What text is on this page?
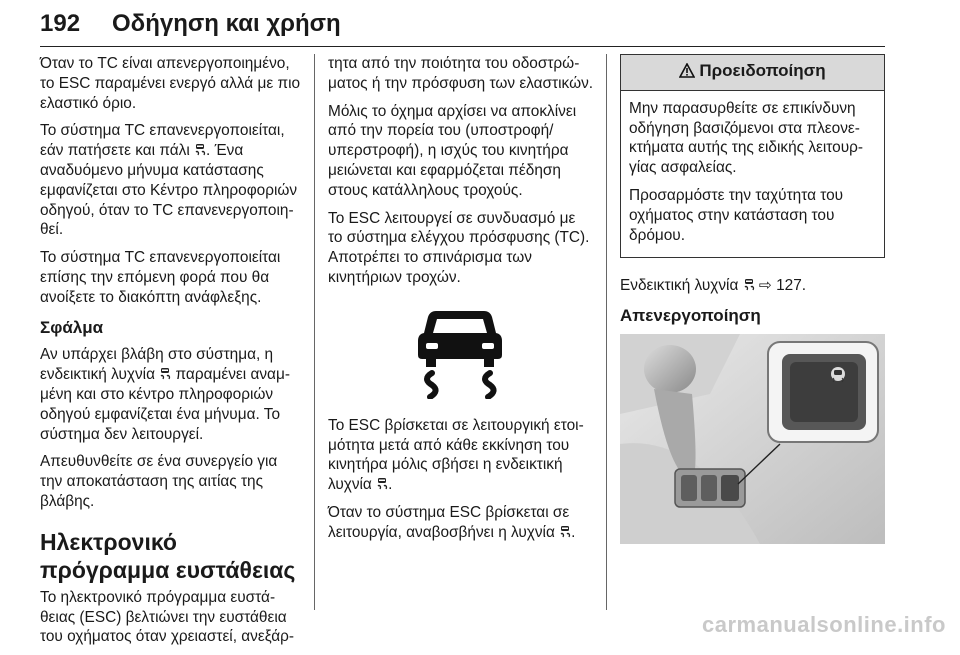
192 Οδήγηση και χρήση

Όταν το TC είναι απενεργοποιημένο, το ESC παραμένει ενεργό αλλά με πιο ελαστικό όριο.

Το σύστημα TC επανενεργοποιείται, εάν πατήσετε και πάλι . Ένα αναδυόμενο μήνυμα κατάστασης εμφανίζεται στο Κέντρο πληροφοριών οδηγού, όταν το TC επανενεργοποιηθεί.

Το σύστημα TC επανενεργοποιείται επίσης την επόμενη φορά που θα ανοίξετε το διακόπτη ανάφλεξης.

Σφάλμα

Αν υπάρχει βλάβη στο σύστημα, η ενδεικτική λυχνία  παραμένει αναμμένη και στο κέντρο πληροφοριών οδηγού εμφανίζεται ένα μήνυμα. Το σύστημα δεν λειτουργεί.

Απευθυνθείτε σε ένα συνεργείο για την αποκατάσταση της αιτίας της βλάβης.

Ηλεκτρονικό πρόγραμμα ευστάθειας

Το ηλεκτρονικό πρόγραμμα ευστάθειας (ESC) βελτιώνει την ευστάθεια του οχήματος όταν χρειαστεί, ανεξάρ-

τητα από την ποιότητα του οδοστρώματος ή την πρόσφυση των ελαστικών.

Μόλις το όχημα αρχίσει να αποκλίνει από την πορεία του (υποστροφή/ υπερστροφή), η ισχύς του κινητήρα μειώνεται και εφαρμόζεται πέδηση στους κατάλληλους τροχούς.

Το ESC λειτουργεί σε συνδυασμό με το σύστημα ελέγχου πρόσφυσης (TC). Αποτρέπει το σπινάρισμα των κινητήριων τροχών.

Το ESC βρίσκεται σε λειτουργική ετοιμότητα μετά από κάθε εκκίνηση του κινητήρα μόλις σβήσει η ενδεικτική λυχνία .

Όταν το σύστημα ESC βρίσκεται σε λειτουργία, αναβοσβήνει η λυχνία .

Προειδοποίηση

Μην παρασυρθείτε σε επικίνδυνη οδήγηση βασιζόμενοι στα πλεονεκτήματα αυτής της ειδικής λειτουργίας ασφαλείας.

Προσαρμόστε την ταχύτητα του οχήματος στην κατάσταση του δρόμου.

Ενδεικτική λυχνία  ⇨ 127.

Απενεργοποίηση
carmanualsonline.info
